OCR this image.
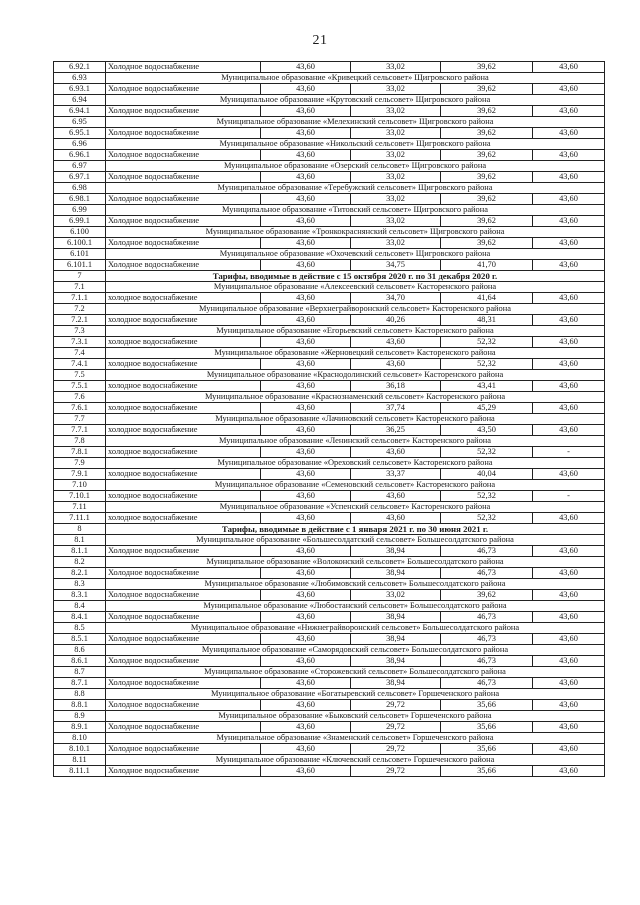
21
6.92.1	Холодное водоснабжение	43,60	33,02	39,62	43,60
6.93	Муниципальное образование «Кривецкий сельсовет» Щигровского района				
6.93.1	Холодное водоснабжение	43,60	33,02	39,62	43,60
6.94	Муниципальное образование «Крутовский сельсовет» Щигровского района				
6.94.1	Холодное водоснабжение	43,60	33,02	39,62	43,60
6.95	Муниципальное образование «Мелехинский сельсовет» Щигровского района				
6.95.1	Холодное водоснабжение	43,60	33,02	39,62	43,60
6.96	Муниципальное образование «Никольский сельсовет» Щигровского района				
6.96.1	Холодное водоснабжение	43,60	33,02	39,62	43,60
6.97	Муниципальное образование «Озерский сельсовет» Щигровского района				
6.97.1	Холодное водоснабжение	43,60	33,02	39,62	43,60
6.98	Муниципальное образование «Теребужский сельсовет» Щигровского района				
6.98.1	Холодное водоснабжение	43,60	33,02	39,62	43,60
6.99	Муниципальное образование «Титовский сельсовет» Щигровского района				
6.99.1	Холодное водоснабжение	43,60	33,02	39,62	43,60
6.100	Муниципальное образование «Тронкокраснянский сельсовет» Щигровского района				
6.100.1	Холодное водоснабжение	43,60	33,02	39,62	43,60
6.101	Муниципальное образование «Охочевский сельсовет» Щигровского района				
6.101.1	Холодное водоснабжение	43,60	34,75	41,70	43,60
7	Тарифы, вводимые в действие с 15 октября 2020 г. по 31 декабря 2020 г.				
7.1	Муниципальное образование «Алексеевский сельсовет» Касторенского района				
7.1.1	холодное водоснабжение	43,60	34,70	41,64	43,60
7.2	Муниципальное образование «Верхнеграйворонский сельсовет» Касторенского района				
7.2.1	холодное водоснабжение	43,60	40,26	48,31	43,60
7.3	Муниципальное образование «Егорьевский сельсовет» Касторенского района				
7.3.1	холодное водоснабжение	43,60	43,60	52,32	43,60
7.4	Муниципальное образование «Жерновецкий сельсовет» Касторенского района				
7.4.1	холодное водоснабжение	43,60	43,60	52,32	43,60
7.5	Муниципальное образование «Краснодолинский сельсовет» Касторенского района				
7.5.1	холодное водоснабжение	43,60	36,18	43,41	43,60
7.6	Муниципальное образование «Краснознаменский сельсовет» Касторенского района				
7.6.1	холодное водоснабжение	43,60	37,74	45,29	43,60
7.7	Муниципальное образование «Лачиновский сельсовет» Касторенского района				
7.7.1	холодное водоснабжение	43,60	36,25	43,50	43,60
7.8	Муниципальное образование «Ленинский сельсовет» Касторенского района				
7.8.1	холодное водоснабжение	43,60	43,60	52,32	-
7.9	Муниципальное образование «Ореховский сельсовет» Касторенского района				
7.9.1	холодное водоснабжение	43,60	33,37	40,04	43,60
7.10	Муниципальное образование «Семеновский сельсовет» Касторенского района				
7.10.1	холодное водоснабжение	43,60	43,60	52,32	-
7.11	Муниципальное образование «Успенский сельсовет» Касторенского района				
7.11.1	холодное водоснабжение	43,60	43,60	52,32	43,60
8	Тарифы, вводимые в действие с 1 января 2021 г. по 30 июня 2021 г.				
8.1	Муниципальное образование «Большесолдатский сельсовет» Большесолдатского района				
8.1.1	Холодное водоснабжение	43,60	38,94	46,73	43,60
8.2	Муниципальное образование «Волоконский сельсовет» Большесолдатского района				
8.2.1	Холодное водоснабжение	43,60	38,94	46,73	43,60
8.3	Муниципальное образование «Любимовский сельсовет» Большесолдатского района				
8.3.1	Холодное водоснабжение	43,60	33,02	39,62	43,60
8.4	Муниципальное образование «Любостанский сельсовет» Большесолдатского района				
8.4.1	Холодное водоснабжение	43,60	38,94	46,73	43,60
8.5	Муниципальное образование «Нижнеграйворонский сельсовет» Большесолдатского района				
8.5.1	Холодное водоснабжение	43,60	38,94	46,73	43,60
8.6	Муниципальное образование «Саморядовский сельсовет» Большесолдатского района				
8.6.1	Холодное водоснабжение	43,60	38,94	46,73	43,60
8.7	Муниципальное образование «Сторожевский сельсовет» Большесолдатского района				
8.7.1	Холодное водоснабжение	43,60	38,94	46,73	43,60
8.8	Муниципальное образование «Богатыревский сельсовет» Горшеченского района				
8.8.1	Холодное водоснабжение	43,60	29,72	35,66	43,60
8.9	Муниципальное образование «Быковский сельсовет» Горшеченского района				
8.9.1	Холодное водоснабжение	43,60	29,72	35,66	43,60
8.10	Муниципальное образование «Знаменский сельсовет» Горшеченского района				
8.10.1	Холодное водоснабжение	43,60	29,72	35,66	43,60
8.11	Муниципальное образование «Ключевский сельсовет» Горшеченского района				
8.11.1	Холодное водоснабжение	43,60	29,72	35,66	43,60
